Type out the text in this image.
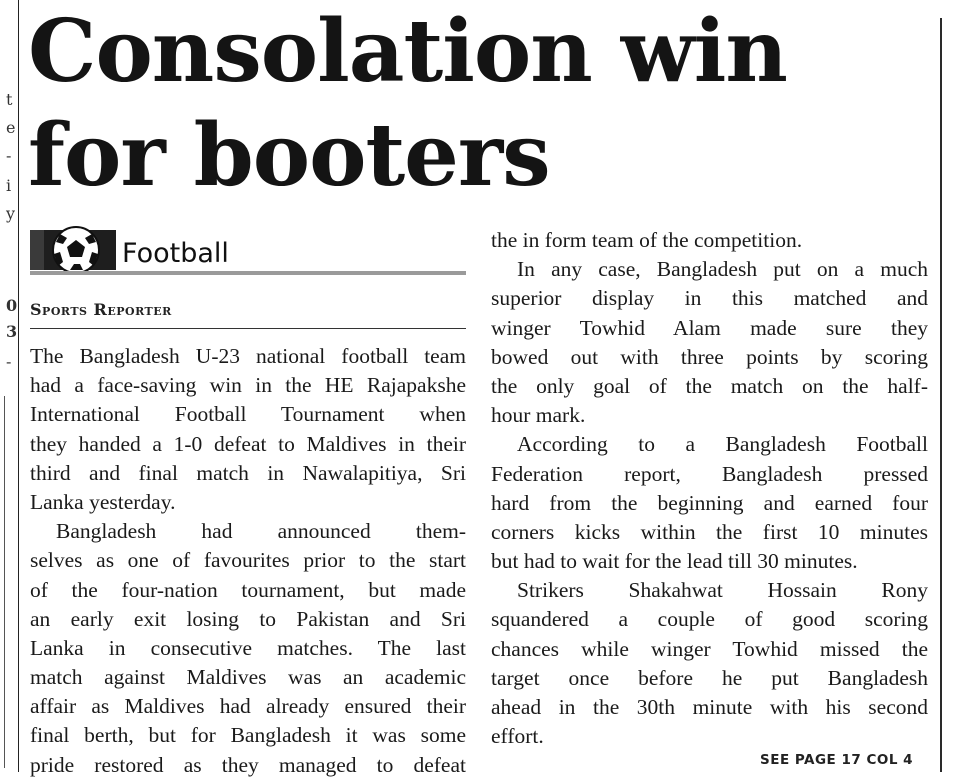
t
e
-
i
y
0
3
-
Consolation win
for booters
Football
Sports Reporter
The Bangladesh U-23 national football team
had a face-saving win in the HE Rajapakshe
International Football Tournament when
they handed a 1-0 defeat to Maldives in their
third and final match in Nawalapitiya, Sri
Lanka yesterday.
Bangladesh had announced them-
selves as one of favourites prior to the start
of the four-nation tournament, but made
an early exit losing to Pakistan and Sri
Lanka in consecutive matches. The last
match against Maldives was an academic
affair as Maldives had already ensured their
final berth, but for Bangladesh it was some
pride restored as they managed to defeat
the in form team of the competition.
In any case, Bangladesh put on a much
superior display in this matched and
winger Towhid Alam made sure they
bowed out with three points by scoring
the only goal of the match on the half-
hour mark.
According to a Bangladesh Football
Federation report, Bangladesh pressed
hard from the beginning and earned four
corners kicks within the first 10 minutes
but had to wait for the lead till 30 minutes.
Strikers Shakahwat Hossain Rony
squandered a couple of good scoring
chances while winger Towhid missed the
target once before he put Bangladesh
ahead in the 30th minute with his second
effort.
SEE PAGE 17 COL 4
